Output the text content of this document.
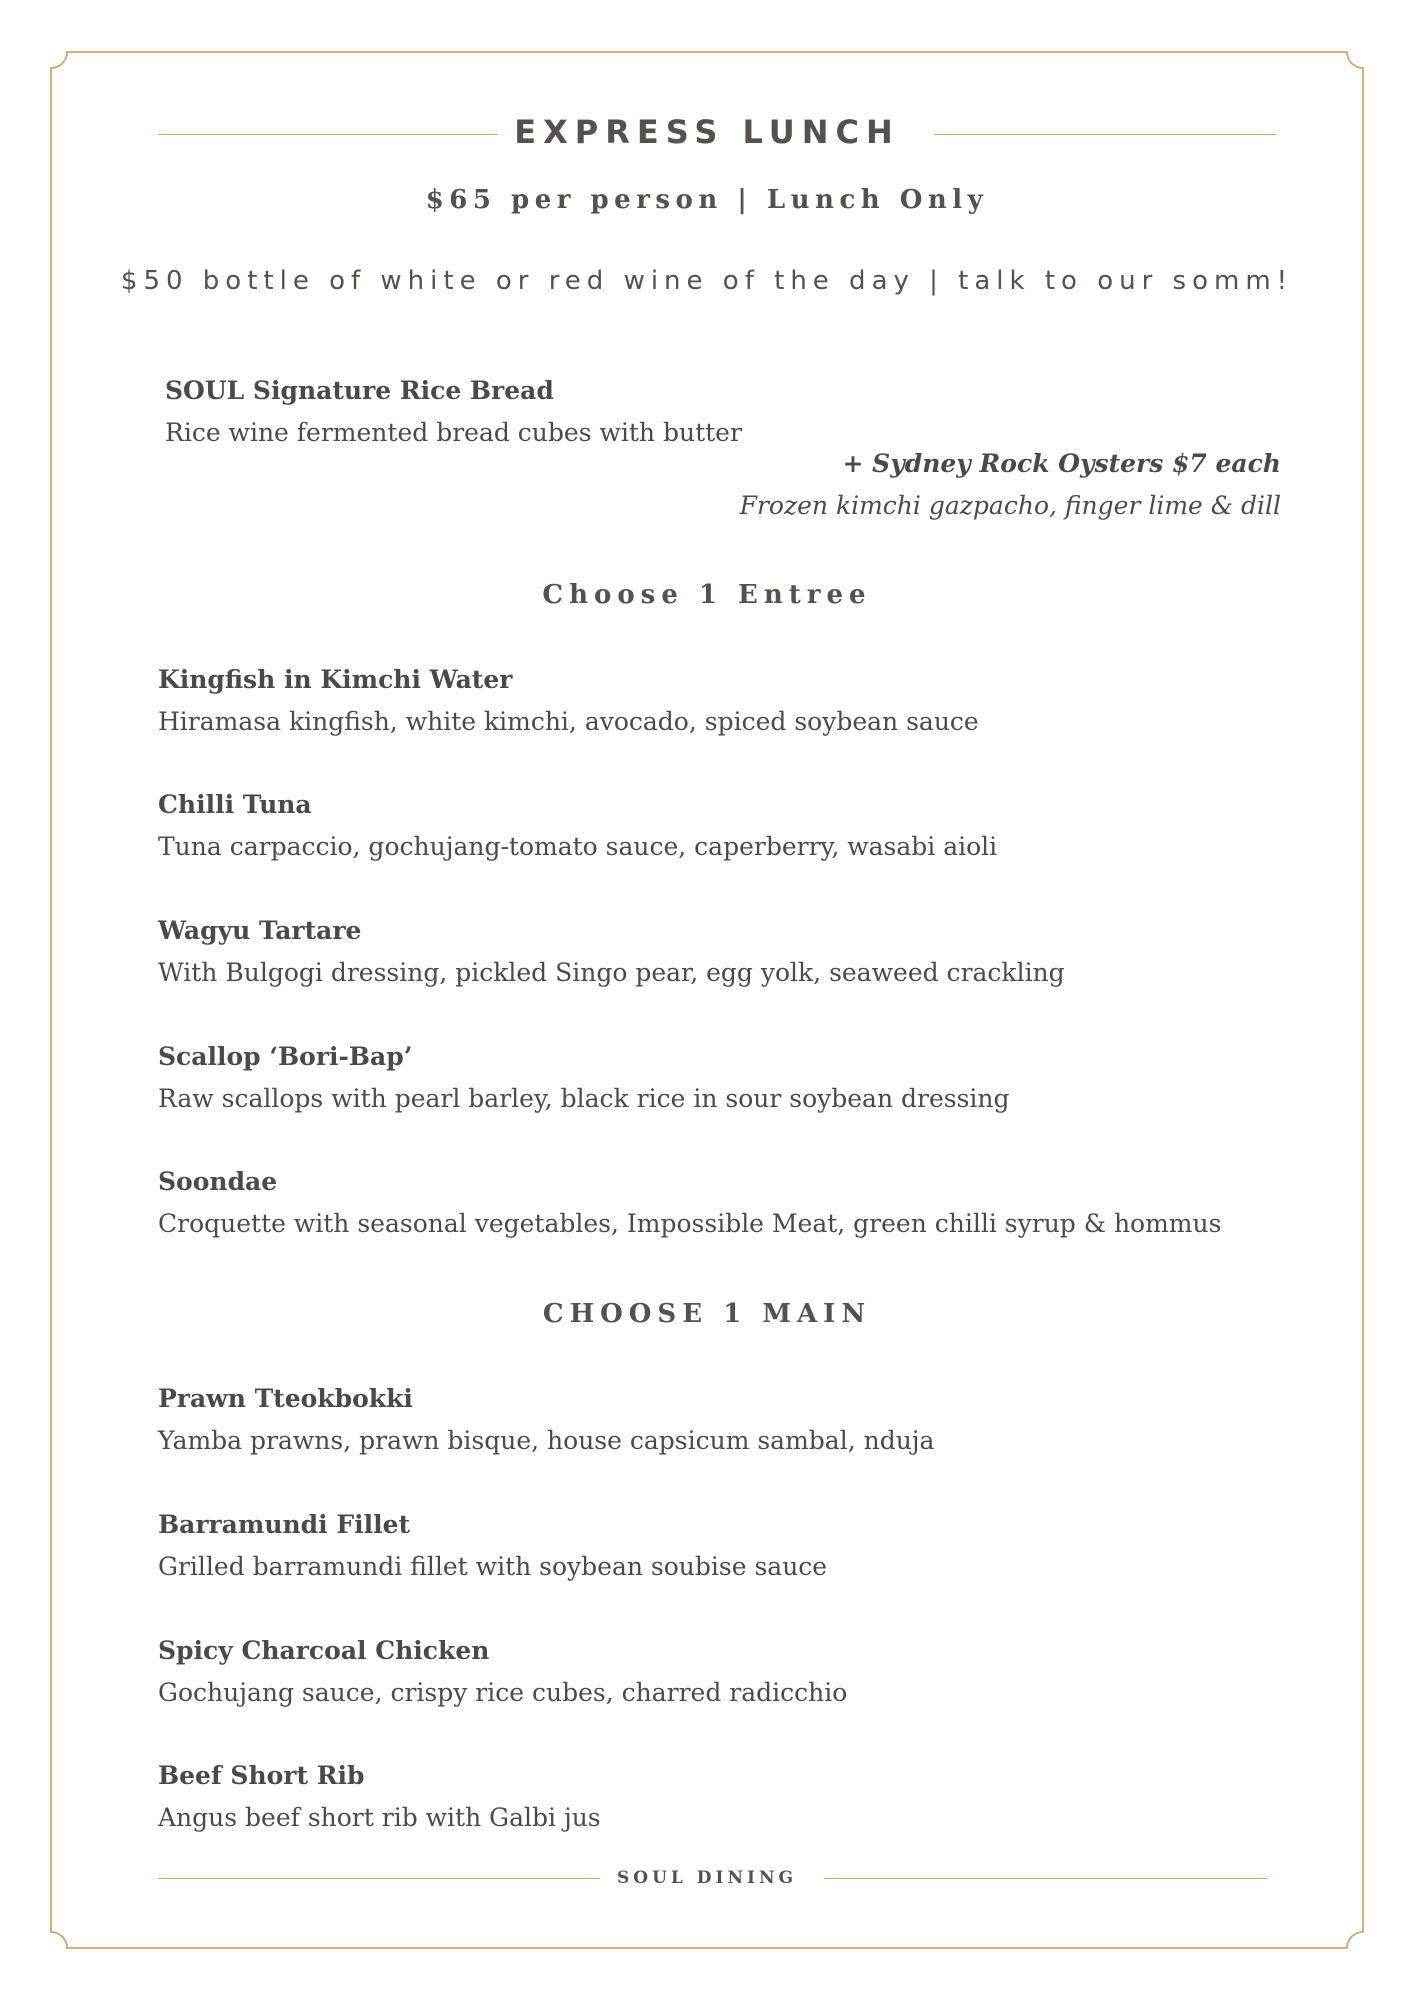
EXPRESS LUNCH
$65 per person | Lunch Only
$50 bottle of white or red wine of the day | talk to our somm!
SOUL Signature Rice Bread
Rice wine fermented bread cubes with butter
+ Sydney Rock Oysters $7 each
Frozen kimchi gazpacho, finger lime & dill
Choose 1 Entree
Kingfish in Kimchi Water
Hiramasa kingfish, white kimchi, avocado, spiced soybean sauce
Chilli Tuna
Tuna carpaccio, gochujang-tomato sauce, caperberry, wasabi aioli
Wagyu Tartare
With Bulgogi dressing, pickled Singo pear, egg yolk, seaweed crackling
Scallop ‘Bori-Bap’
Raw scallops with pearl barley, black rice in sour soybean dressing
Soondae
Croquette with seasonal vegetables, Impossible Meat, green chilli syrup & hommus
CHOOSE 1 MAIN
Prawn Tteokbokki
Yamba prawns, prawn bisque, house capsicum sambal, nduja
Barramundi Fillet
Grilled barramundi fillet with soybean soubise sauce
Spicy Charcoal Chicken
Gochujang sauce, crispy rice cubes, charred radicchio
Beef Short Rib
Angus beef short rib with Galbi jus
SOUL DINING
